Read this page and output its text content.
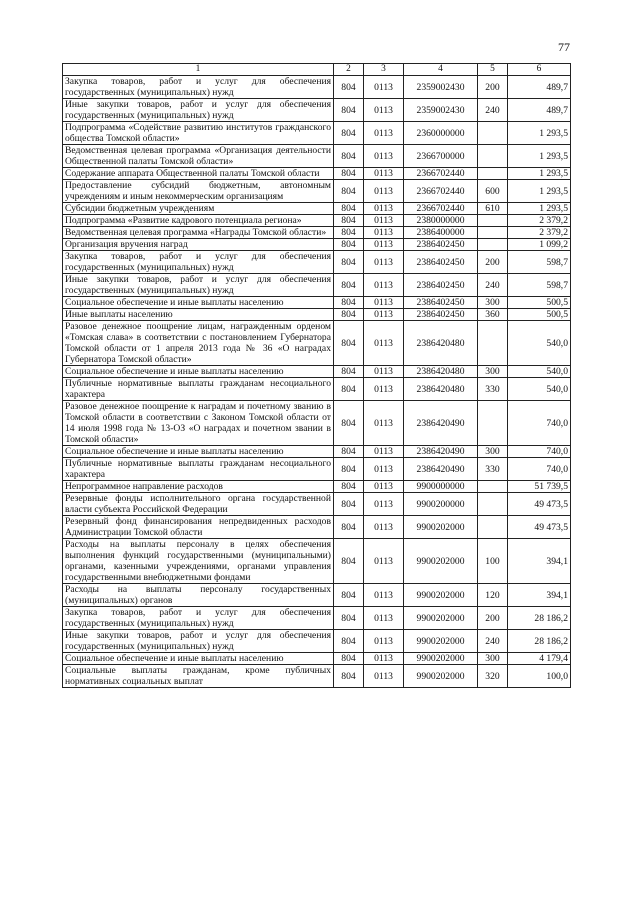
77
1	2	3	4	5	6
Закупка товаров, работ и услуг для обеспечения государственных (муниципальных) нужд	804	0113	2359002430	200	489,7
Иные закупки товаров, работ и услуг для обеспечения государственных (муниципальных) нужд	804	0113	2359002430	240	489,7
Подпрограмма «Содействие развитию институтов гражданского общества Томской области»	804	0113	2360000000		1 293,5
Ведомственная целевая программа «Организация деятельности Общественной палаты Томской области»	804	0113	2366700000		1 293,5
Содержание аппарата Общественной палаты Томской области	804	0113	2366702440		1 293,5
Предоставление субсидий бюджетным, автономным учреждениям и иным некоммерческим организациям	804	0113	2366702440	600	1 293,5
Субсидии бюджетным учреждениям	804	0113	2366702440	610	1 293,5
Подпрограмма «Развитие кадрового потенциала региона»	804	0113	2380000000		2 379,2
Ведомственная целевая программа «Награды Томской области»	804	0113	2386400000		2 379,2
Организация вручения наград	804	0113	2386402450		1 099,2
Закупка товаров, работ и услуг для обеспечения государственных (муниципальных) нужд	804	0113	2386402450	200	598,7
Иные закупки товаров, работ и услуг для обеспечения государственных (муниципальных) нужд	804	0113	2386402450	240	598,7
Социальное обеспечение и иные выплаты населению	804	0113	2386402450	300	500,5
Иные выплаты населению	804	0113	2386402450	360	500,5
Разовое денежное поощрение лицам, награжденным орденом «Томская слава» в соответствии с постановлением Губернатора Томской области от 1 апреля 2013 года № 36 «О наградах Губернатора Томской области»	804	0113	2386420480		540,0
Социальное обеспечение и иные выплаты населению	804	0113	2386420480	300	540,0
Публичные нормативные выплаты гражданам несоциального характера	804	0113	2386420480	330	540,0
Разовое денежное поощрение к наградам и почетному званию в Томской области в соответствии с Законом Томской области от 14 июля 1998 года № 13-ОЗ «О наградах и почетном звании в Томской области»	804	0113	2386420490		740,0
Социальное обеспечение и иные выплаты населению	804	0113	2386420490	300	740,0
Публичные нормативные выплаты гражданам несоциального характера	804	0113	2386420490	330	740,0
Непрограммное направление расходов	804	0113	9900000000		51 739,5
Резервные фонды исполнительного органа государственной власти субъекта Российской Федерации	804	0113	9900200000		49 473,5
Резервный фонд финансирования непредвиденных расходов Администрации Томской области	804	0113	9900202000		49 473,5
Расходы на выплаты персоналу в целях обеспечения выполнения функций государственными (муниципальными) органами, казенными учреждениями, органами управления государственными внебюджетными фондами	804	0113	9900202000	100	394,1
Расходы на выплаты персоналу государственных (муниципальных) органов	804	0113	9900202000	120	394,1
Закупка товаров, работ и услуг для обеспечения государственных (муниципальных) нужд	804	0113	9900202000	200	28 186,2
Иные закупки товаров, работ и услуг для обеспечения государственных (муниципальных) нужд	804	0113	9900202000	240	28 186,2
Социальное обеспечение и иные выплаты населению	804	0113	9900202000	300	4 179,4
Социальные выплаты гражданам, кроме публичных нормативных социальных выплат	804	0113	9900202000	320	100,0
